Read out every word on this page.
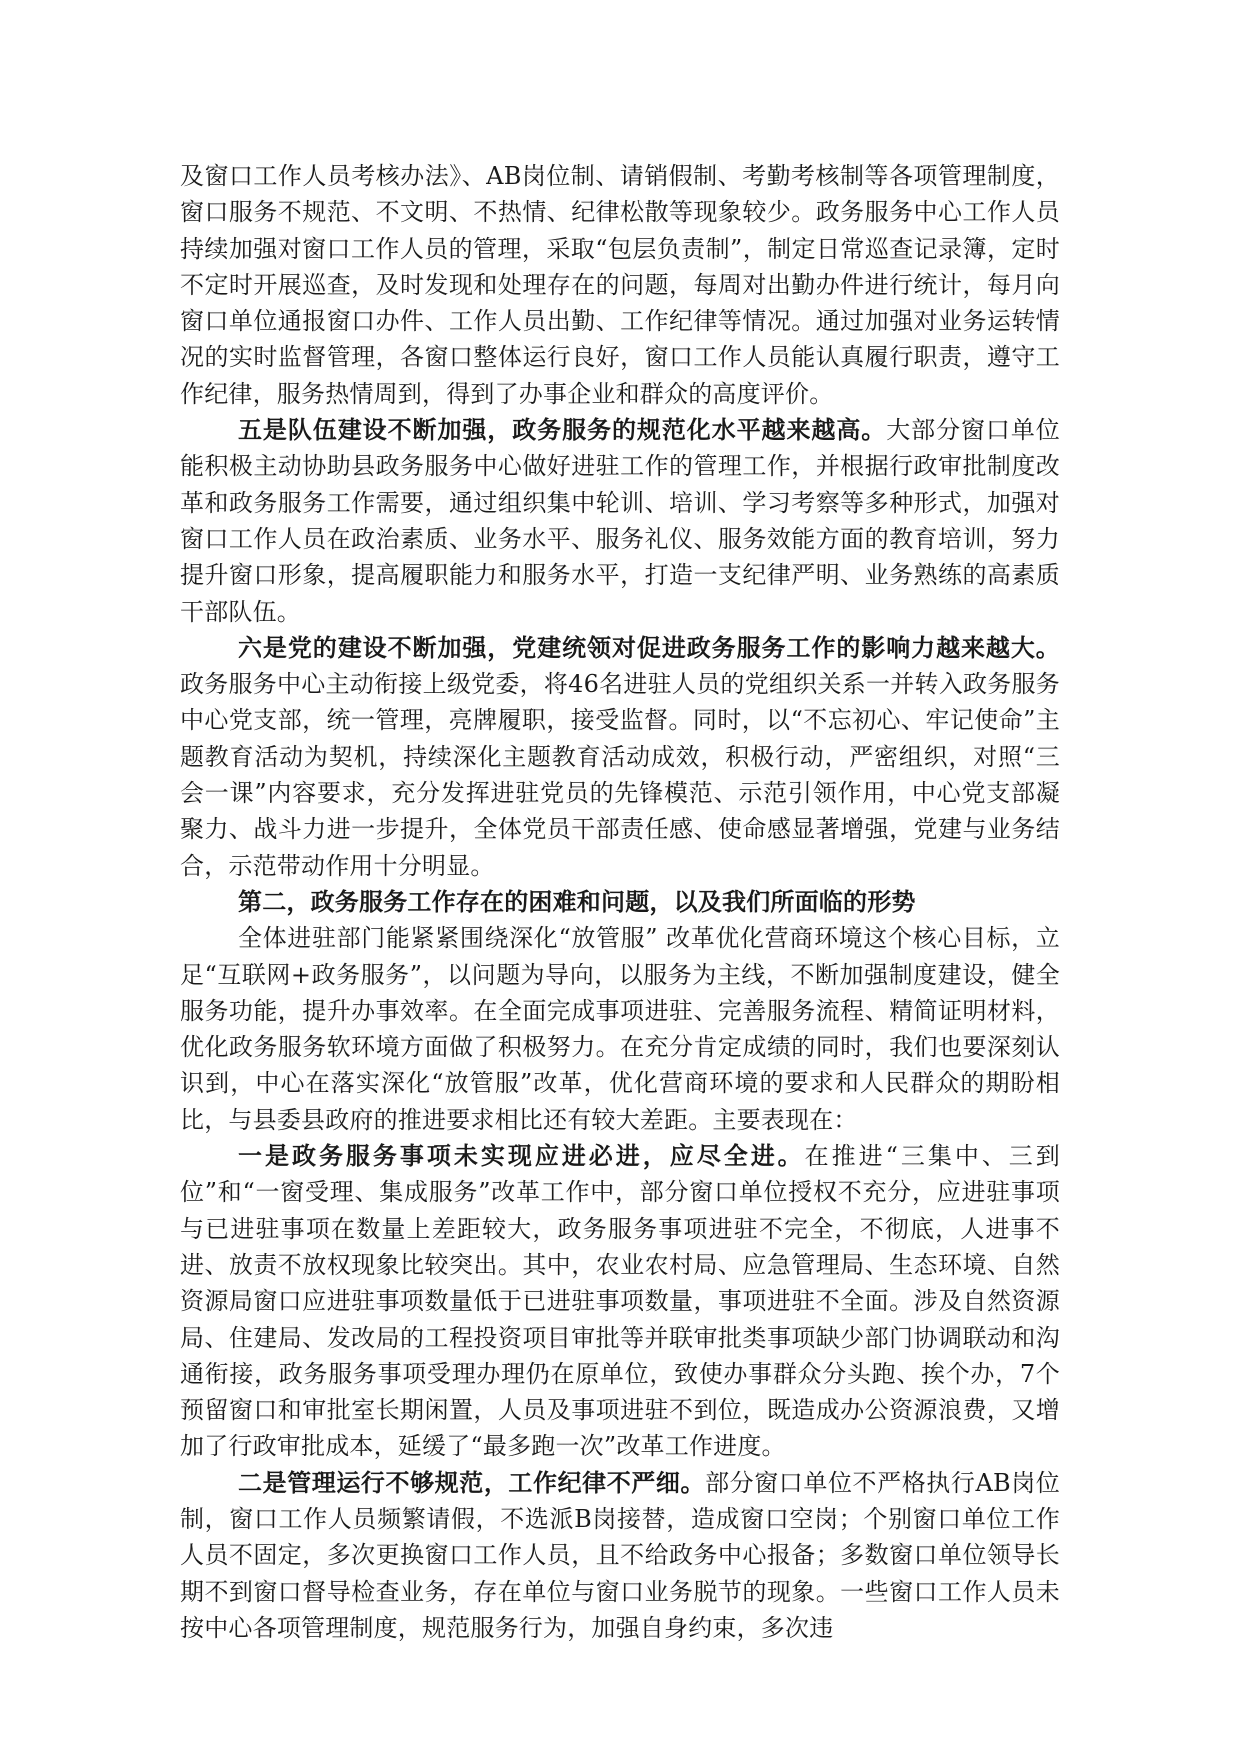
及窗口工作人员考核办法》、AB岗位制、请销假制、考勤考核制等各项管理制度，窗口服务不规范、不文明、不热情、纪律松散等现象较少。政务服务中心工作人员持续加强对窗口工作人员的管理，采取“包层负责制”，制定日常巡查记录簿，定时不定时开展巡查，及时发现和处理存在的问题，每周对出勤办件进行统计，每月向窗口单位通报窗口办件、工作人员出勤、工作纪律等情况。通过加强对业务运转情况的实时监督管理，各窗口整体运行良好，窗口工作人员能认真履行职责，遵守工作纪律，服务热情周到，得到了办事企业和群众的高度评价。

五是队伍建设不断加强，政务服务的规范化水平越来越高。大部分窗口单位能积极主动协助县政务服务中心做好进驻工作的管理工作，并根据行政审批制度改革和政务服务工作需要，通过组织集中轮训、培训、学习考察等多种形式，加强对窗口工作人员在政治素质、业务水平、服务礼仪、服务效能方面的教育培训，努力提升窗口形象，提高履职能力和服务水平，打造一支纪律严明、业务熟练的高素质干部队伍。

六是党的建设不断加强，党建统领对促进政务服务工作的影响力越来越大。政务服务中心主动衔接上级党委，将46名进驻人员的党组织关系一并转入政务服务中心党支部，统一管理，亮牌履职，接受监督。同时，以“不忘初心、牢记使命”主题教育活动为契机，持续深化主题教育活动成效，积极行动，严密组织，对照“三会一课”内容要求，充分发挥进驻党员的先锋模范、示范引领作用，中心党支部凝聚力、战斗力进一步提升，全体党员干部责任感、使命感显著增强，党建与业务结合，示范带动作用十分明显。

第二，政务服务工作存在的困难和问题，以及我们所面临的形势

全体进驻部门能紧紧围绕深化“放管服” 改革优化营商环境这个核心目标，立足“互联网+政务服务”，以问题为导向，以服务为主线，不断加强制度建设，健全服务功能，提升办事效率。在全面完成事项进驻、完善服务流程、精简证明材料，优化政务服务软环境方面做了积极努力。在充分肯定成绩的同时，我们也要深刻认识到，中心在落实深化“放管服”改革，优化营商环境的要求和人民群众的期盼相比，与县委县政府的推进要求相比还有较大差距。主要表现在：

一是政务服务事项未实现应进必进，应尽全进。在推进“三集中、三到位”和“一窗受理、集成服务”改革工作中，部分窗口单位授权不充分，应进驻事项与已进驻事项在数量上差距较大，政务服务事项进驻不完全，不彻底，人进事不进、放责不放权现象比较突出。其中，农业农村局、应急管理局、生态环境、自然资源局窗口应进驻事项数量低于已进驻事项数量，事项进驻不全面。涉及自然资源局、住建局、发改局的工程投资项目审批等并联审批类事项缺少部门协调联动和沟通衔接，政务服务事项受理办理仍在原单位，致使办事群众分头跑、挨个办，7个预留窗口和审批室长期闲置，人员及事项进驻不到位，既造成办公资源浪费，又增加了行政审批成本，延缓了“最多跑一次”改革工作进度。

二是管理运行不够规范，工作纪律不严细。部分窗口单位不严格执行AB岗位制，窗口工作人员频繁请假，不选派B岗接替，造成窗口空岗；个别窗口单位工作人员不固定，多次更换窗口工作人员，且不给政务中心报备；多数窗口单位领导长期不到窗口督导检查业务，存在单位与窗口业务脱节的现象。一些窗口工作人员未按中心各项管理制度，规范服务行为，加强自身约束，多次违
